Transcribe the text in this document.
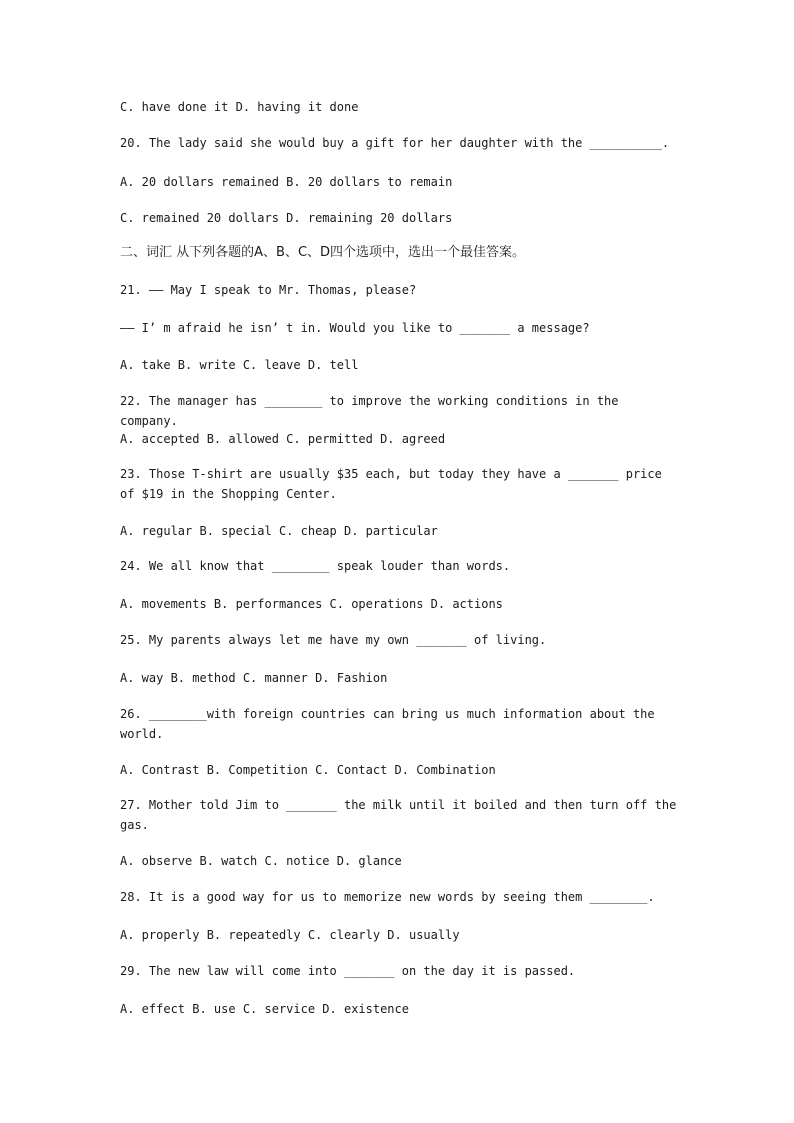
C. have done it D. having it done
20. The lady said she would buy a gift for her daughter with the __________.
A. 20 dollars remained B. 20 dollars to remain
C. remained 20 dollars D. remaining 20 dollars
二、词汇 从下列各题的A、B、C、D四个选项中，选出一个最佳答案。
21. —— May I speak to Mr. Thomas, please?
—— I’ m afraid he isn’ t in. Would you like to _______ a message?
A. take B. write C. leave D. tell
22. The manager has ________ to improve the working conditions in the company.
A. accepted B. allowed C. permitted D. agreed
23. Those T-shirt are usually $35 each, but today they have a _______ price of $19 in the Shopping Center.
A. regular B. special C. cheap D. particular
24. We all know that ________ speak louder than words.
A. movements B. performances C. operations D. actions
25. My parents always let me have my own _______ of living.
A. way B. method C. manner D. Fashion
26. ________with foreign countries can bring us much information about the world.
A. Contrast B. Competition C. Contact D. Combination
27. Mother told Jim to _______ the milk until it boiled and then turn off the gas.
A. observe B. watch C. notice D. glance
28. It is a good way for us to memorize new words by seeing them ________.
A. properly B. repeatedly C. clearly D. usually
29. The new law will come into _______ on the day it is passed.
A. effect B. use C. service D. existence
